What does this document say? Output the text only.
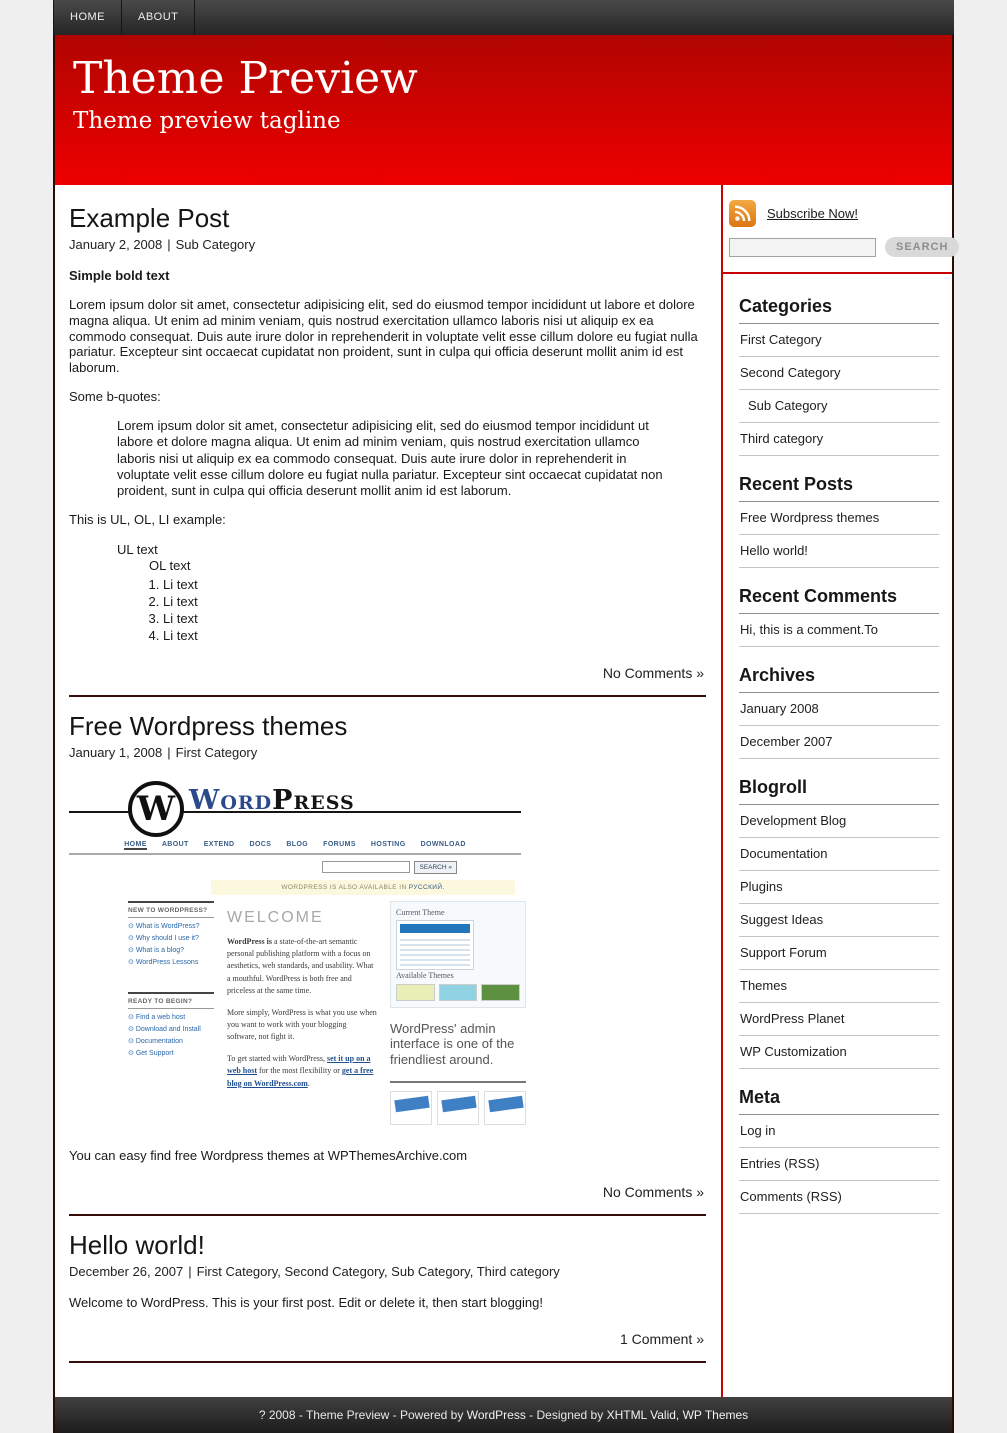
HOME	ABOUT
Theme Preview
Theme preview tagline
Example Post
January 2, 2008 | Sub Category

Simple bold text

Lorem ipsum dolor sit amet, consectetur adipisicing elit, sed do eiusmod tempor incididunt ut labore et dolore magna aliqua. Ut enim ad minim veniam, quis nostrud exercitation ullamco laboris nisi ut aliquip ex ea commodo consequat. Duis aute irure dolor in reprehenderit in voluptate velit esse cillum dolore eu fugiat nulla pariatur. Excepteur sint occaecat cupidatat non proident, sunt in culpa qui officia deserunt mollit anim id est laborum.

Some b-quotes:

Lorem ipsum dolor sit amet, consectetur adipisicing elit, sed do eiusmod tempor incididunt ut labore et dolore magna aliqua. Ut enim ad minim veniam, quis nostrud exercitation ullamco laboris nisi ut aliquip ex ea commodo consequat. Duis aute irure dolor in reprehenderit in voluptate velit esse cillum dolore eu fugiat nulla pariatur. Excepteur sint occaecat cupidatat non proident, sunt in culpa qui officia deserunt mollit anim id est laborum.

This is UL, OL, LI example:

UL text
OL text
1. Li text
2. Li text
3. Li text
4. Li text
No Comments »
Free Wordpress themes
January 1, 2008 | First Category
W WordPress
HOME ABOUT EXTEND DOCS BLOG FORUMS HOSTING DOWNLOAD
SEARCH »
WORDPRESS IS ALSO AVAILABLE IN РУССКИЙ.
NEW TO WORDPRESS?
⊙ What is WordPress?
⊙ Why should I use it?
⊙ What is a blog?
⊙ WordPress Lessons
READY TO BEGIN?
⊙ Find a web host
⊙ Download and Install
⊙ Documentation
⊙ Get Support
WELCOME

WordPress is a state-of-the-art semantic personal publishing platform with a focus on aesthetics, web standards, and usability. What a mouthful. WordPress is both free and priceless at the same time.

More simply, WordPress is what you use when you want to work with your blogging software, not fight it.

To get started with WordPress, set it up on a web host for the most flexibility or get a free blog on WordPress.com.

Current Theme
Available Themes

WordPress' admin interface is one of the friendliest around.

You can easy find free Wordpress themes at WPThemesArchive.com

No Comments »
Hello world!
December 26, 2007 | First Category, Second Category, Sub Category, Third category

Welcome to WordPress. This is your first post. Edit or delete it, then start blogging!

1 Comment »
Subscribe Now!
SEARCH
Categories
First Category
Second Category
Sub Category
Third category
Recent Posts
Free Wordpress themes
Hello world!
Recent Comments
Hi, this is a comment.To
Archives
January 2008
December 2007
Blogroll
Development Blog
Documentation
Plugins
Suggest Ideas
Support Forum
Themes
WordPress Planet
WP Customization
Meta
Log in
Entries (RSS)
Comments (RSS)
? 2008 - Theme Preview - Powered by WordPress - Designed by XHTML Valid, WP Themes
